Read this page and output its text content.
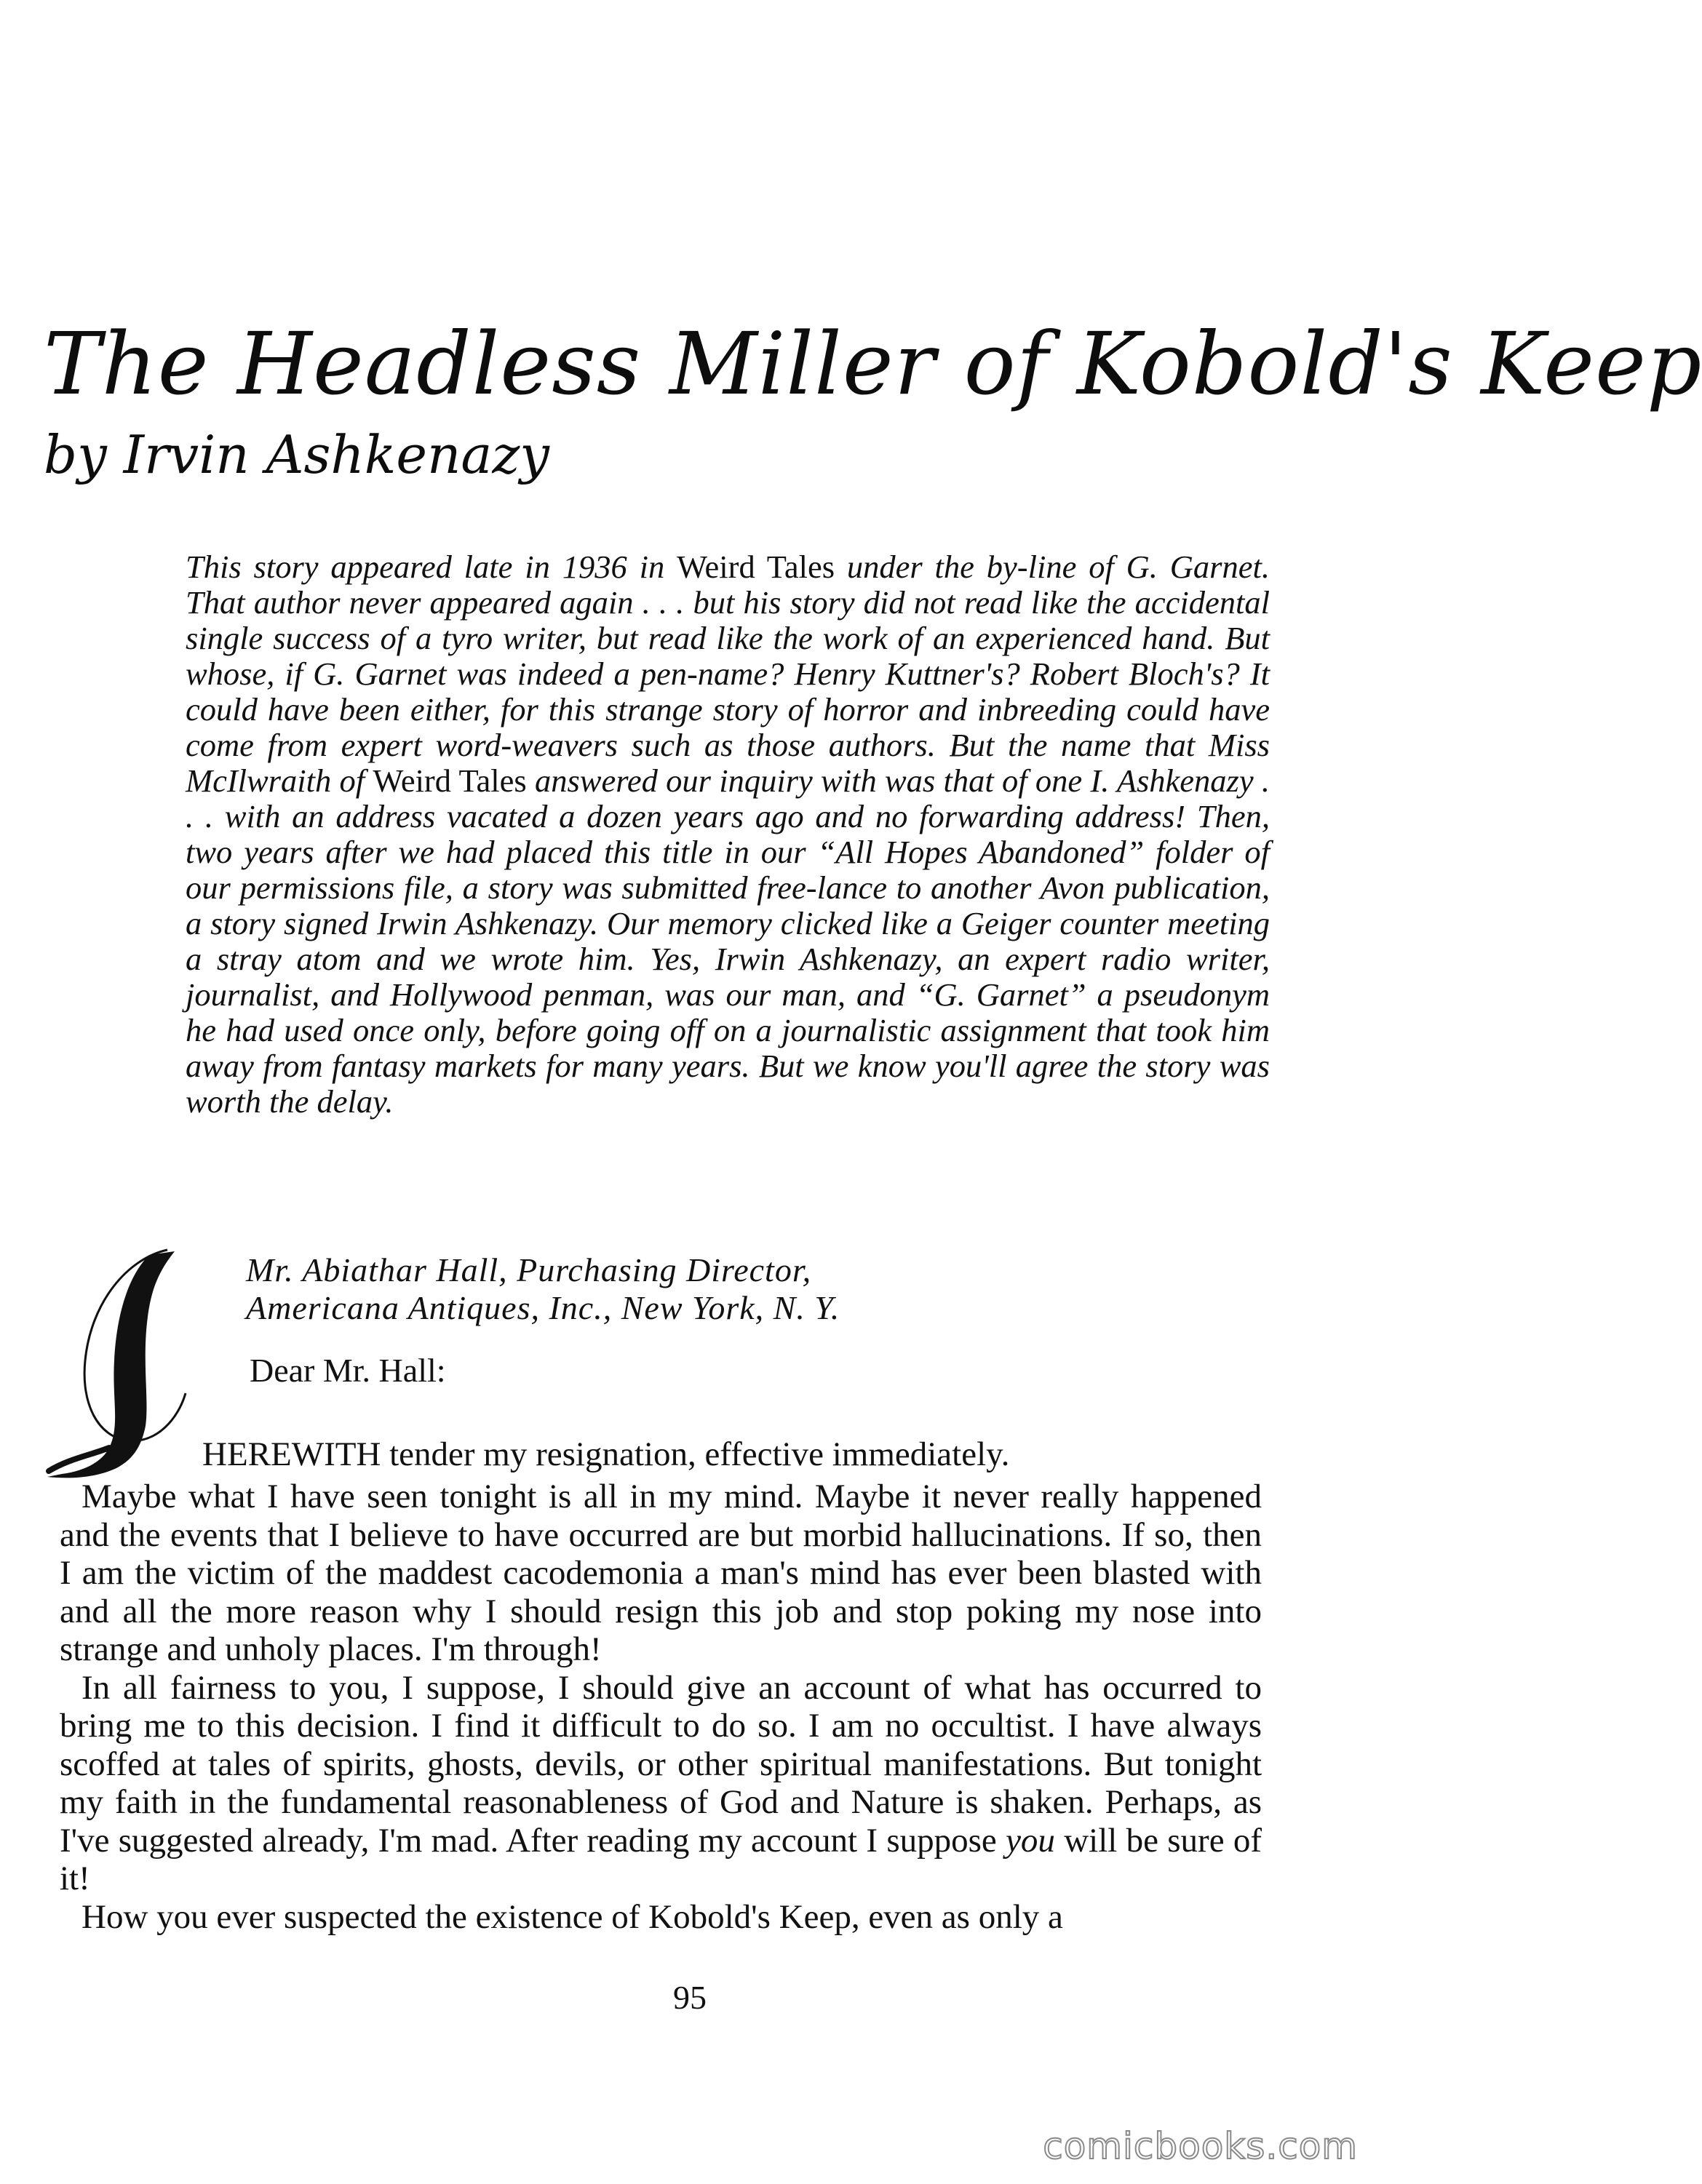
The Headless Miller of Kobold's Keep
by Irvin Ashkenazy

This story appeared late in 1936 in Weird Tales under the by-line of G. Garnet. That author never appeared again . . . but his story did not read like the accidental single success of a tyro writer, but read like the work of an experienced hand. But whose, if G. Garnet was indeed a pen-name? Henry Kuttner's? Robert Bloch's? It could have been either, for this strange story of horror and inbreeding could have come from expert word-weavers such as those authors. But the name that Miss McIlwraith of Weird Tales answered our inquiry with was that of one I. Ashkenazy . . . with an address vacated a dozen years ago and no forwarding address! Then, two years after we had placed this title in our “All Hopes Abandoned” folder of our permissions file, a story was submitted free-lance to another Avon publication, a story signed Irwin Ashkenazy. Our memory clicked like a Geiger counter meeting a stray atom and we wrote him. Yes, Irwin Ashkenazy, an expert radio writer, journalist, and Hollywood penman, was our man, and “G. Garnet” a pseudonym he had used once only, before going off on a journalistic assignment that took him away from fantasy markets for many years. But we know you'll agree the story was worth the delay.

Mr. Abiathar Hall, Purchasing Director,
Americana Antiques, Inc., New York, N. Y.
Dear Mr. Hall:
HEREWITH tender my resignation, effective immediately.

Maybe what I have seen tonight is all in my mind. Maybe it never really happened and the events that I believe to have occurred are but morbid hallucinations. If so, then I am the victim of the maddest cacodemonia a man's mind has ever been blasted with and all the more reason why I should resign this job and stop poking my nose into strange and unholy places. I'm through!

In all fairness to you, I suppose, I should give an account of what has occurred to bring me to this decision. I find it difficult to do so. I am no occultist. I have always scoffed at tales of spirits, ghosts, devils, or other spiritual manifestations. But tonight my faith in the fundamental reasonableness of God and Nature is shaken. Perhaps, as I've suggested already, I'm mad. After reading my account I suppose you will be sure of it!

How you ever suspected the existence of Kobold's Keep, even as only a

95
comicbooks.com
